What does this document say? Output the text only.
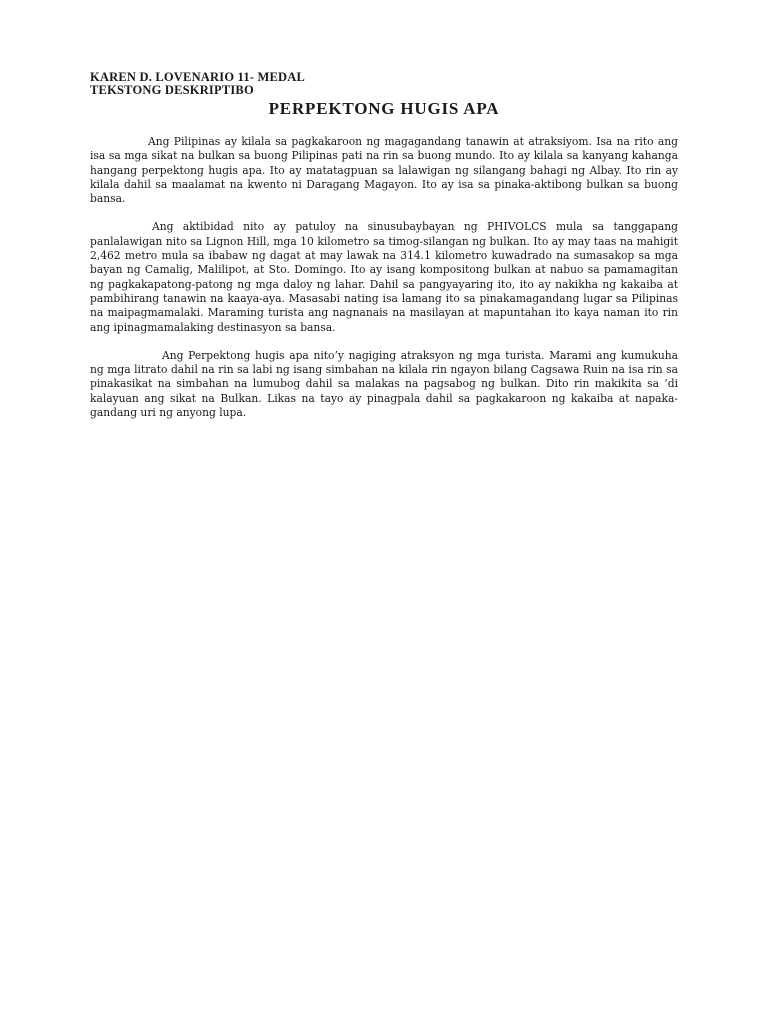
KAREN D. LOVENARIO 11- MEDAL

TEKSTONG DESKRIPTIBO

PERPEKTONG HUGIS APA

Ang Pilipinas ay kilala sa pagkakaroon ng magagandang tanawin at atraksiyom. Isa na rito ang isa sa mga sikat na bulkan sa buong Pilipinas pati na rin sa buong mundo. Ito ay kilala sa kanyang kahanga hangang perpektong hugis apa. Ito ay matatagpuan sa lalawigan ng silangang bahagi ng Albay. Ito rin ay kilala dahil sa maalamat na kwento ni Daragang Magayon. Ito ay isa sa pinaka-aktibong bulkan sa buong bansa.

Ang aktibidad nito ay patuloy na sinusubaybayan ng PHIVOLCS mula sa tanggapang panlalawigan nito sa Lignon Hill, mga 10 kilometro sa timog-silangan ng bulkan. Ito ay may taas na mahigit 2,462 metro mula sa ibabaw ng dagat at may lawak na 314.1 kilometro kuwadrado na sumasakop sa mga bayan ng Camalig, Malilipot, at Sto. Domingo. Ito ay isang kompositong bulkan at nabuo sa pamamagitan ng pagkakapatong-patong ng mga daloy ng lahar. Dahil sa pangyayaring ito, ito ay nakikha ng kakaiba at pambihirang tanawin na kaaya-aya. Masasabi nating isa lamang ito sa pinakamagandang lugar sa Pilipinas na maipagmamalaki. Maraming turista ang nagnanais na masilayan at mapuntahan ito kaya naman ito rin ang ipinagmamalaking destinasyon sa bansa.

Ang Perpektong hugis apa nito’y nagiging atraksyon ng mga turista. Marami ang kumukuha ng mga litrato dahil na rin sa labi ng isang simbahan na kilala rin ngayon bilang Cagsawa Ruin na isa rin sa pinakasikat na simbahan na lumubog dahil sa malakas na pagsabog ng bulkan. Dito rin makikita sa ‘di kalayuan ang sikat na Bulkan. Likas na tayo ay pinagpala dahil sa pagkakaroon ng kakaiba at napaka-gandang uri ng anyong lupa.
